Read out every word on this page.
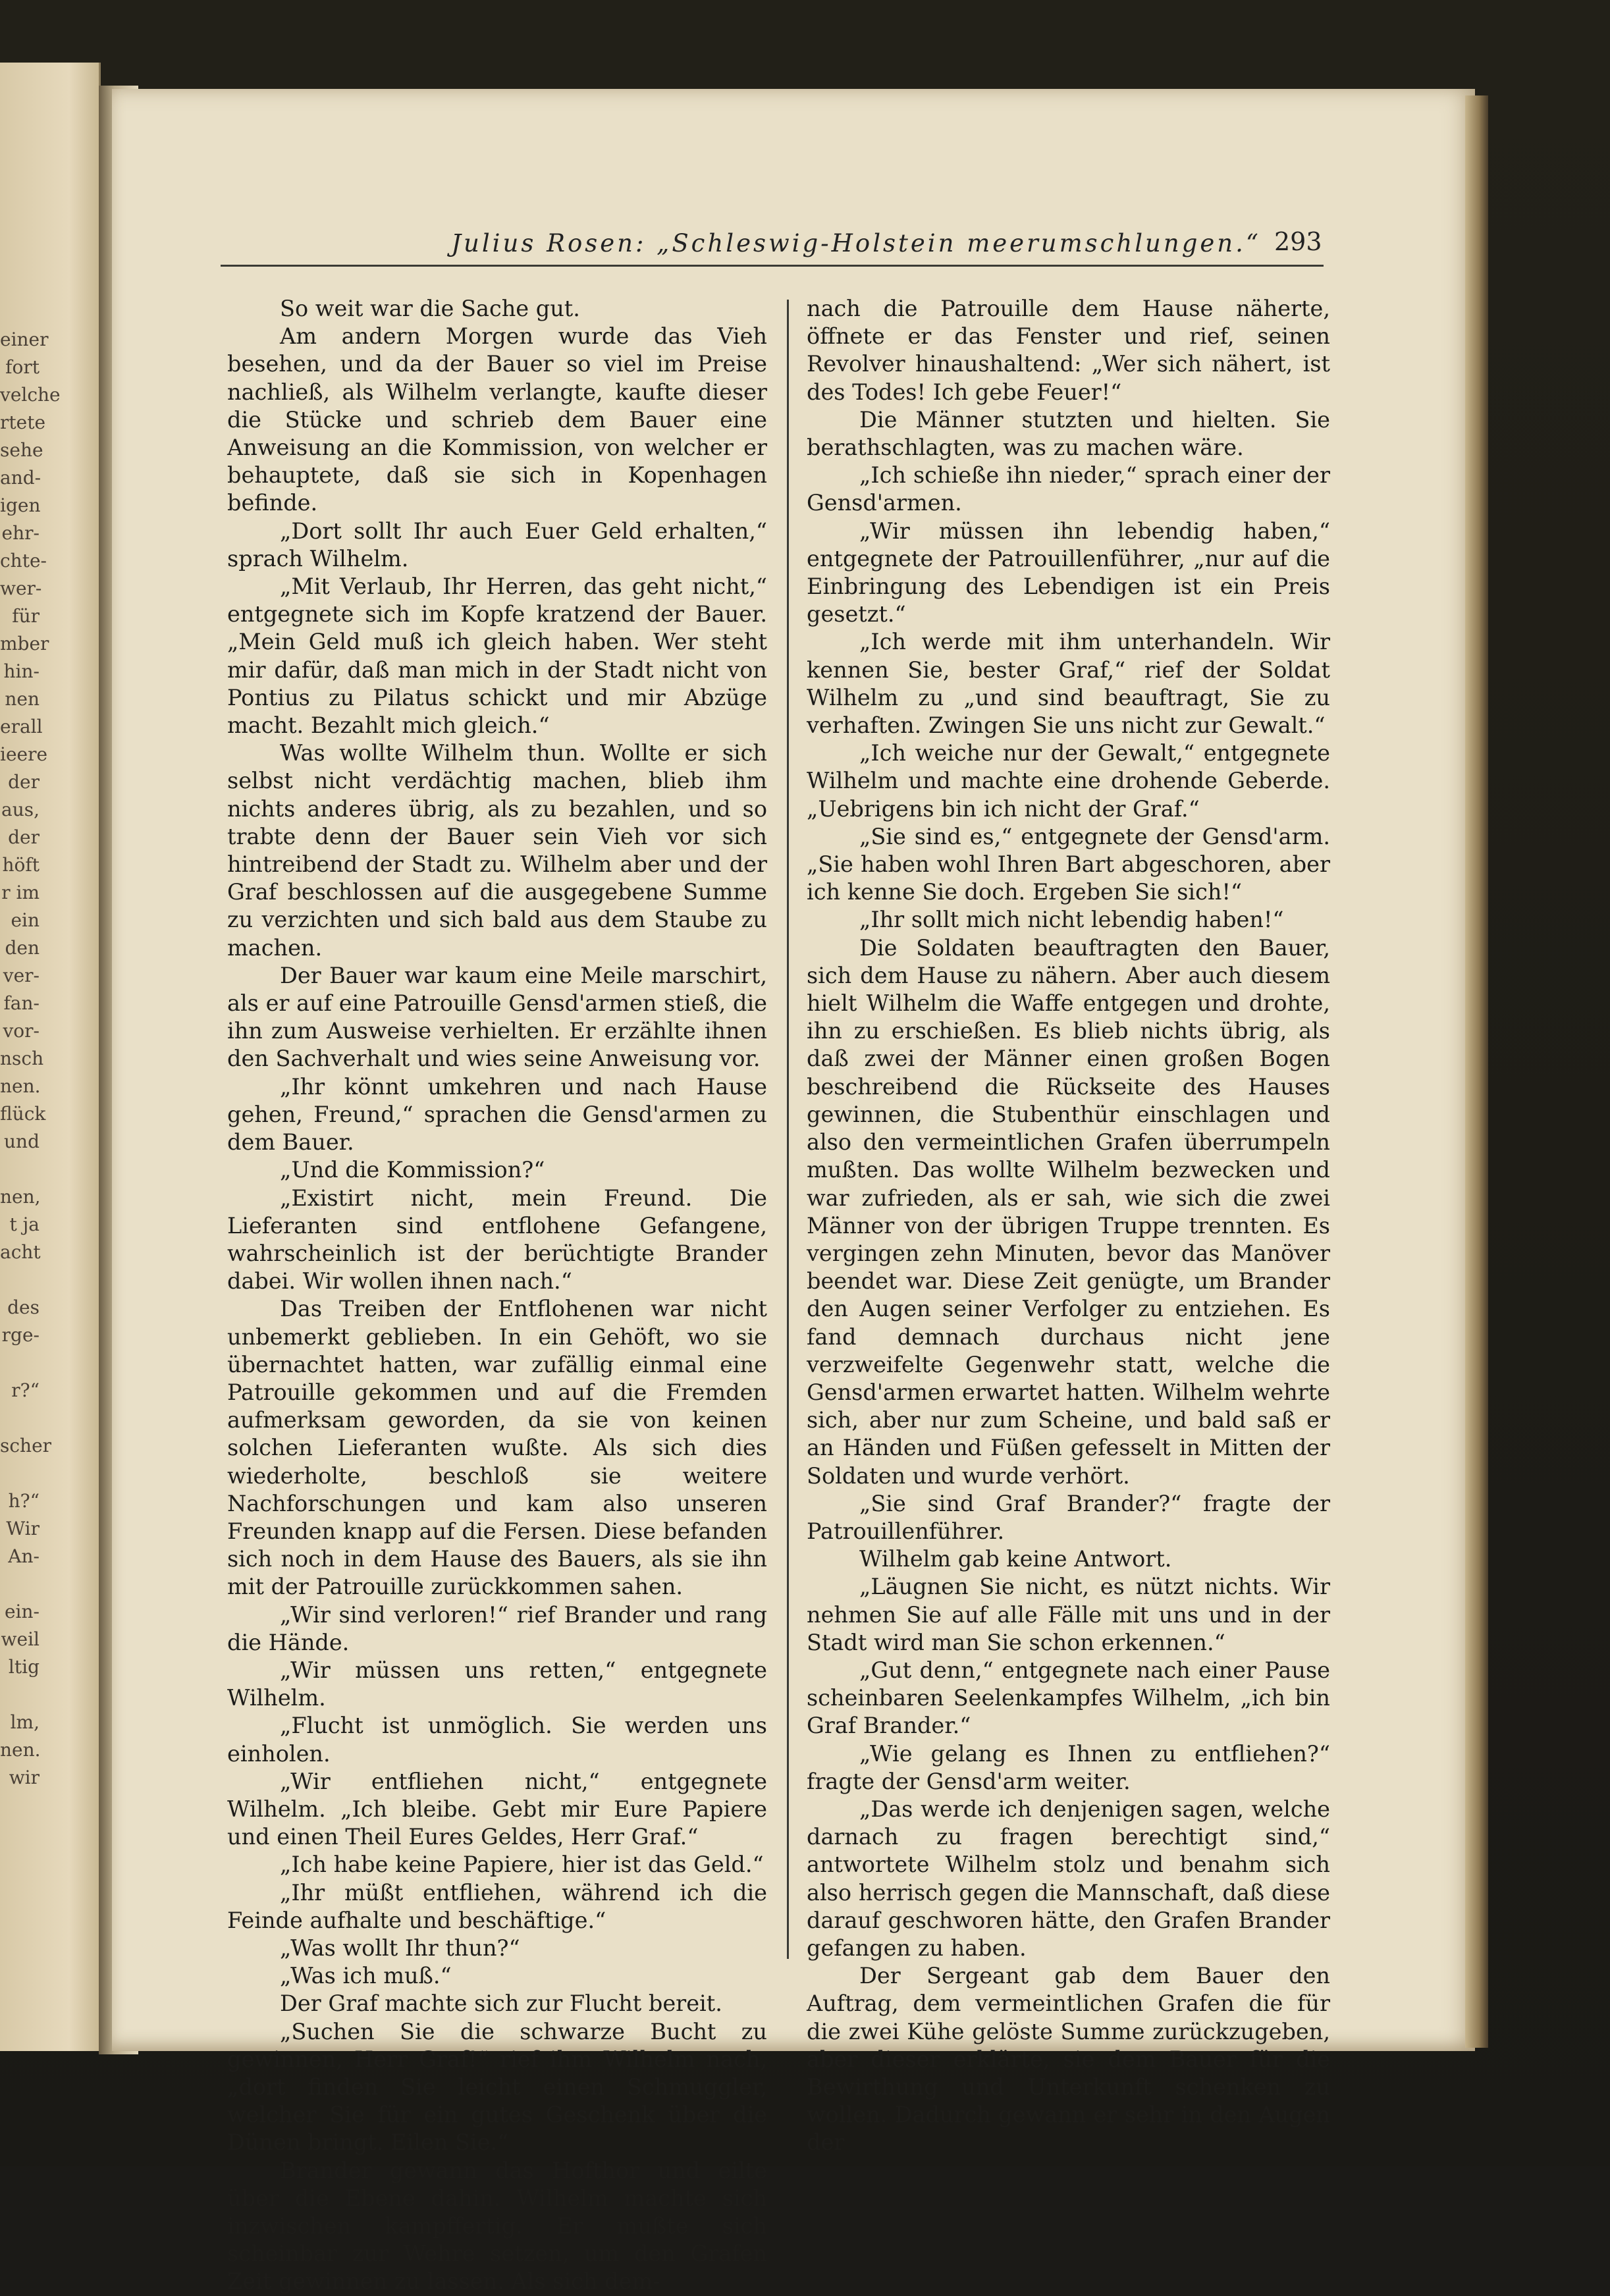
einer
fort
velche
rtete
sehe
and-
igen
ehr-
chte-
wer-
für
mber
hin-
nen
erall
ieere
der
aus,
der
höft
r im
ein
den
ver-
fan-
vor-
nsch
nen.
flück
und
nen,
t ja
acht
des
rge-
r?“
scher
h?“
Wir
An-
ein-
weil
ltig
lm,
nen.
wir
Julius Rosen: „Schleswig-Holstein meerumschlungen.“ 293

So weit war die Sache gut.

Am andern Morgen wurde das Vieh besehen, und da der Bauer so viel im Preise nachließ, als Wilhelm verlangte, kaufte dieser die Stücke und schrieb dem Bauer eine Anweisung an die Kommission, von welcher er behauptete, daß sie sich in Kopenhagen befinde.

„Dort sollt Ihr auch Euer Geld erhalten,“ sprach Wilhelm.

„Mit Verlaub, Ihr Herren, das geht nicht,“ entgegnete sich im Kopfe kratzend der Bauer. „Mein Geld muß ich gleich haben. Wer steht mir dafür, daß man mich in der Stadt nicht von Pontius zu Pilatus schickt und mir Abzüge macht. Bezahlt mich gleich.“

Was wollte Wilhelm thun. Wollte er sich selbst nicht verdächtig machen, blieb ihm nichts anderes übrig, als zu bezahlen, und so trabte denn der Bauer sein Vieh vor sich hintreibend der Stadt zu. Wilhelm aber und der Graf beschlossen auf die ausgegebene Summe zu verzichten und sich bald aus dem Staube zu machen.

Der Bauer war kaum eine Meile marschirt, als er auf eine Patrouille Gensd'armen stieß, die ihn zum Ausweise verhielten. Er erzählte ihnen den Sachverhalt und wies seine Anweisung vor.

„Ihr könnt umkehren und nach Hause gehen, Freund,“ sprachen die Gensd'armen zu dem Bauer.

„Und die Kommission?“

„Existirt nicht, mein Freund. Die Lieferanten sind entflohene Gefangene, wahrscheinlich ist der berüchtigte Brander dabei. Wir wollen ihnen nach.“

Das Treiben der Entflohenen war nicht unbemerkt geblieben. In ein Gehöft, wo sie übernachtet hatten, war zufällig einmal eine Patrouille gekommen und auf die Fremden aufmerksam geworden, da sie von keinen solchen Lieferanten wußte. Als sich dies wiederholte, beschloß sie weitere Nachforschungen und kam also unseren Freunden knapp auf die Fersen. Diese befanden sich noch in dem Hause des Bauers, als sie ihn mit der Patrouille zurückkommen sahen.

„Wir sind verloren!“ rief Brander und rang die Hände.

„Wir müssen uns retten,“ entgegnete Wilhelm.

„Flucht ist unmöglich. Sie werden uns einholen.

„Wir entfliehen nicht,“ entgegnete Wilhelm. „Ich bleibe. Gebt mir Eure Papiere und einen Theil Eures Geldes, Herr Graf.“

„Ich habe keine Papiere, hier ist das Geld.“

„Ihr müßt entfliehen, während ich die Feinde aufhalte und beschäftige.“

„Was wollt Ihr thun?“

„Was ich muß.“

Der Graf machte sich zur Flucht bereit.

„Suchen Sie die schwarze Bucht zu gewinnen, Herr Graf!“ rief ihm Wilhelm nach, „dort finden Sie leicht einen Schmuggler, welcher Sie für ein gutes Geschenk über die Dünen bringt. Eilen Sie.“

Brander gewann das Hofthor und eilte über die Ebene dahin. Wilhelm machte sich inzwischen kampffertig. Er mußte sich scheinbar zur Wehre setzen, um den Grafen Zeit gewinnen zu lassen. Als sich dem-

nach die Patrouille dem Hause näherte, öffnete er das Fenster und rief, seinen Revolver hinaushaltend: „Wer sich nähert, ist des Todes! Ich gebe Feuer!“

Die Männer stutzten und hielten. Sie berathschlagten, was zu machen wäre.

„Ich schieße ihn nieder,“ sprach einer der Gensd'armen.

„Wir müssen ihn lebendig haben,“ entgegnete der Patrouillenführer, „nur auf die Einbringung des Lebendigen ist ein Preis gesetzt.“

„Ich werde mit ihm unterhandeln. Wir kennen Sie, bester Graf,“ rief der Soldat Wilhelm zu „und sind beauftragt, Sie zu verhaften. Zwingen Sie uns nicht zur Gewalt.“

„Ich weiche nur der Gewalt,“ entgegnete Wilhelm und machte eine drohende Geberde. „Uebrigens bin ich nicht der Graf.“

„Sie sind es,“ entgegnete der Gensd'arm. „Sie haben wohl Ihren Bart abgeschoren, aber ich kenne Sie doch. Ergeben Sie sich!“

„Ihr sollt mich nicht lebendig haben!“

Die Soldaten beauftragten den Bauer, sich dem Hause zu nähern. Aber auch diesem hielt Wilhelm die Waffe entgegen und drohte, ihn zu erschießen. Es blieb nichts übrig, als daß zwei der Männer einen großen Bogen beschreibend die Rückseite des Hauses gewinnen, die Stubenthür einschlagen und also den vermeintlichen Grafen überrumpeln mußten. Das wollte Wilhelm bezwecken und war zufrieden, als er sah, wie sich die zwei Männer von der übrigen Truppe trennten. Es vergingen zehn Minuten, bevor das Manöver beendet war. Diese Zeit genügte, um Brander den Augen seiner Verfolger zu entziehen. Es fand demnach durchaus nicht jene verzweifelte Gegenwehr statt, welche die Gensd'armen erwartet hatten. Wilhelm wehrte sich, aber nur zum Scheine, und bald saß er an Händen und Füßen gefesselt in Mitten der Soldaten und wurde verhört.

„Sie sind Graf Brander?“ fragte der Patrouillenführer.

Wilhelm gab keine Antwort.

„Läugnen Sie nicht, es nützt nichts. Wir nehmen Sie auf alle Fälle mit uns und in der Stadt wird man Sie schon erkennen.“

„Gut denn,“ entgegnete nach einer Pause scheinbaren Seelenkampfes Wilhelm, „ich bin Graf Brander.“

„Wie gelang es Ihnen zu entfliehen?“ fragte der Gensd'arm weiter.

„Das werde ich denjenigen sagen, welche darnach zu fragen berechtigt sind,“ antwortete Wilhelm stolz und benahm sich also herrisch gegen die Mannschaft, daß diese darauf geschworen hätte, den Grafen Brander gefangen zu haben.

Der Sergeant gab dem Bauer den Auftrag, dem vermeintlichen Grafen die für die zwei Kühe gelöste Summe zurückzugeben, aber dieser erklärte, sie dem Bauer für die Bewirthung und Unterkunft schenken zu wollen. Dadurch gewann er sehr in den Augen der
